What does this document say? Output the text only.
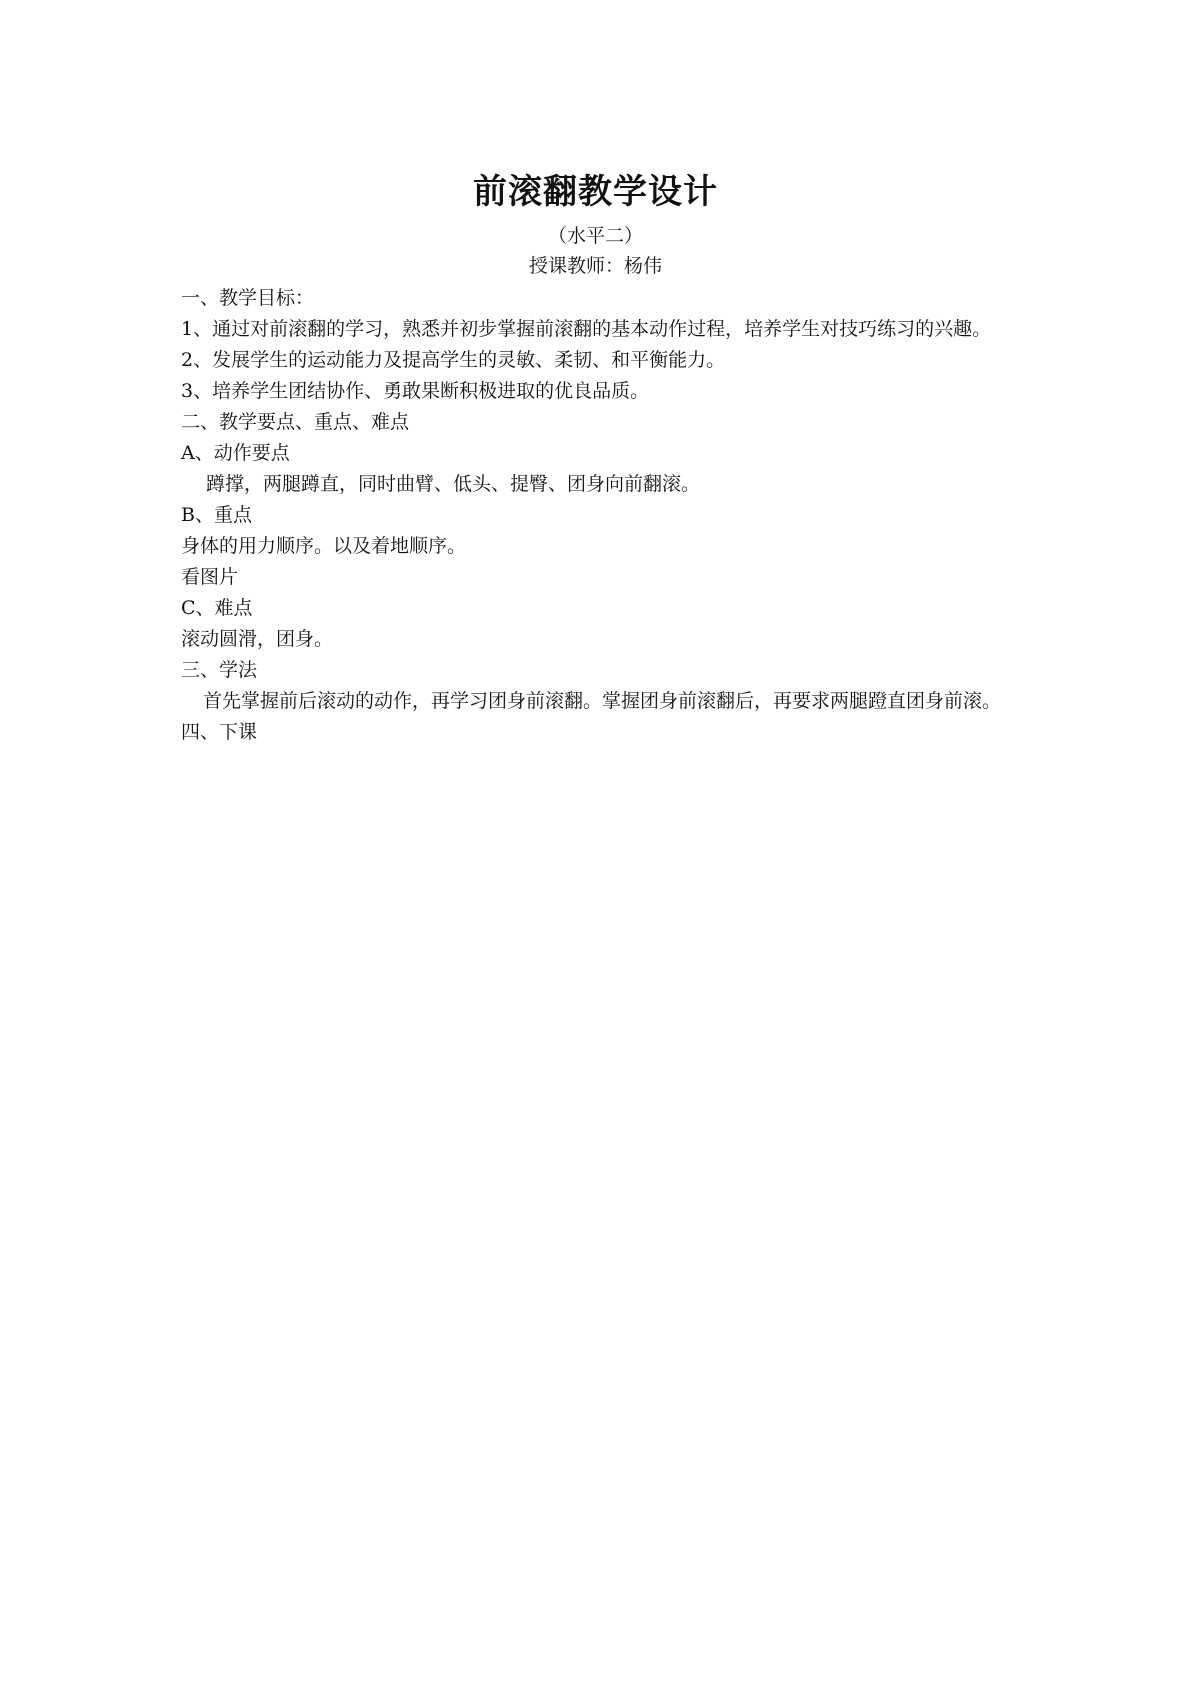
前滚翻教学设计
（水平二）
授课教师：杨伟

一、教学目标：

1、通过对前滚翻的学习，熟悉并初步掌握前滚翻的基本动作过程，培养学生对技巧练习的兴趣。

2、发展学生的运动能力及提高学生的灵敏、柔韧、和平衡能力。

3、培养学生团结协作、勇敢果断积极进取的优良品质。

二、教学要点、重点、难点

A、动作要点

蹲撑，两腿蹲直，同时曲臂、低头、提臀、团身向前翻滚。

B、重点

身体的用力顺序。以及着地顺序。

看图片

C、难点

滚动圆滑，团身。

三、学法

首先掌握前后滚动的动作，再学习团身前滚翻。掌握团身前滚翻后，再要求两腿蹬直团身前滚。

四、下课
